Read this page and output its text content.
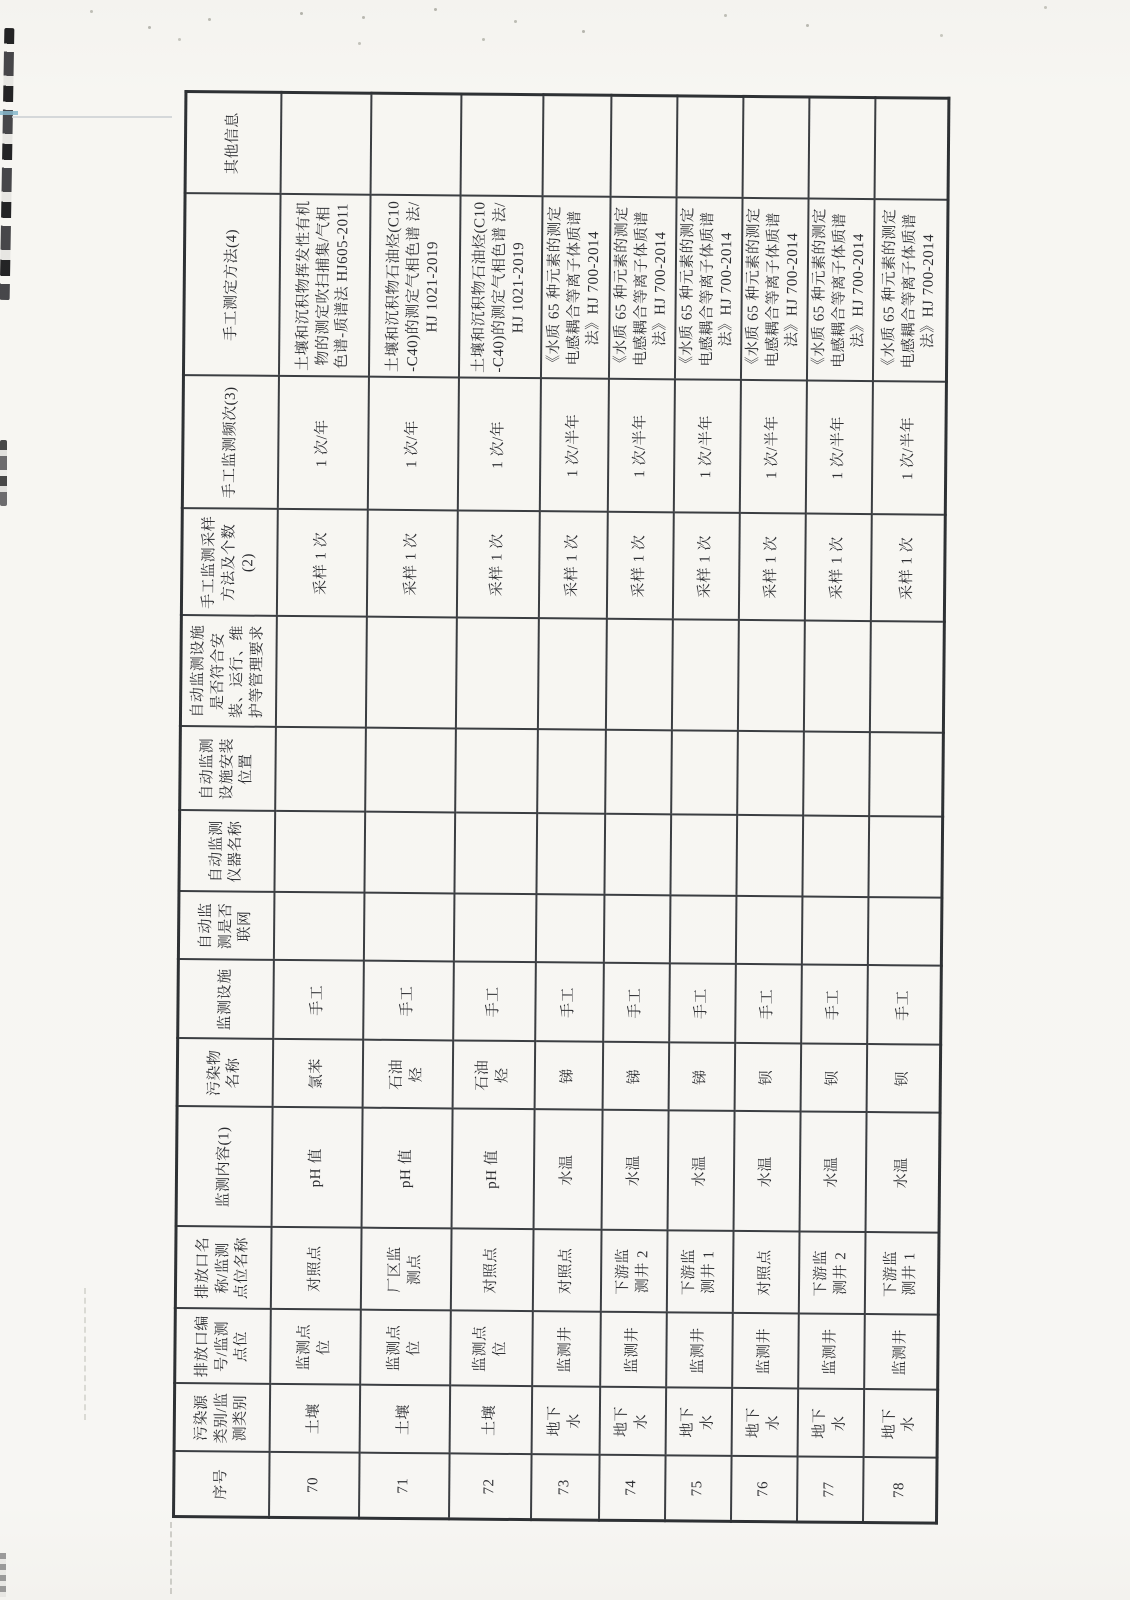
序号	污染源
类别/监
测类别	排放口编
号/监测
点位	排放口名
称/监测
点位名称	监测内容(1)	污染物
名称	监测设施	自动监
测是否
联网	自动监测
仪器名称	自动监测
设施安装
位置	自动监测设施
是否符合安
装、运行、维
护等管理要求	手工监测采样
方法及个数
(2)	手工监测频次(3)	手工测定方法(4)	其他信息
70	土壤	监测点
位	对照点	pH 值	氯苯	手工					采样 1 次	1 次/年	土壤和沉积物挥发性有机物的测定吹扫捕集/气相 色谱-质谱法 HJ605-2011	
71	土壤	监测点
位	厂区监
测点	pH 值	石油
烃	手工					采样 1 次	1 次/年	土壤和沉积物石油烃(C10-C40)的测定气相色谱 法/HJ 1021-2019	
72	土壤	监测点
位	对照点	pH 值	石油
烃	手工					采样 1 次	1 次/年	土壤和沉积物石油烃(C10-C40)的测定气相色谱 法/HJ 1021-2019	
73	地下
水	监测井	对照点	水温	锑	手工					采样 1 次	1 次/半年	《水质 65 种元素的测定电感耦合等离子体质谱法》HJ 700-2014	
74	地下
水	监测井	下游监
测井 2	水温	锑	手工					采样 1 次	1 次/半年	《水质 65 种元素的测定电感耦合等离子体质谱 法》HJ 700-2014	
75	地下
水	监测井	下游监
测井 1	水温	锑	手工					采样 1 次	1 次/半年	《水质 65 种元素的测定电感耦合等离子体质谱法》HJ 700-2014	
76	地下
水	监测井	对照点	水温	钡	手工					采样 1 次	1 次/半年	《水质 65 种元素的测定电感耦合等离子体质谱法》HJ 700-2014	
77	地下
水	监测井	下游监
测井 2	水温	钡	手工					采样 1 次	1 次/半年	《水质 65 种元素的测定电感耦合等离子体质谱 法》HJ 700-2014	
78	地下
水	监测井	下游监
测井 1	水温	钡	手工					采样 1 次	1 次/半年	《水质 65 种元素的测定电感耦合等离子体质谱法》HJ 700-2014	
